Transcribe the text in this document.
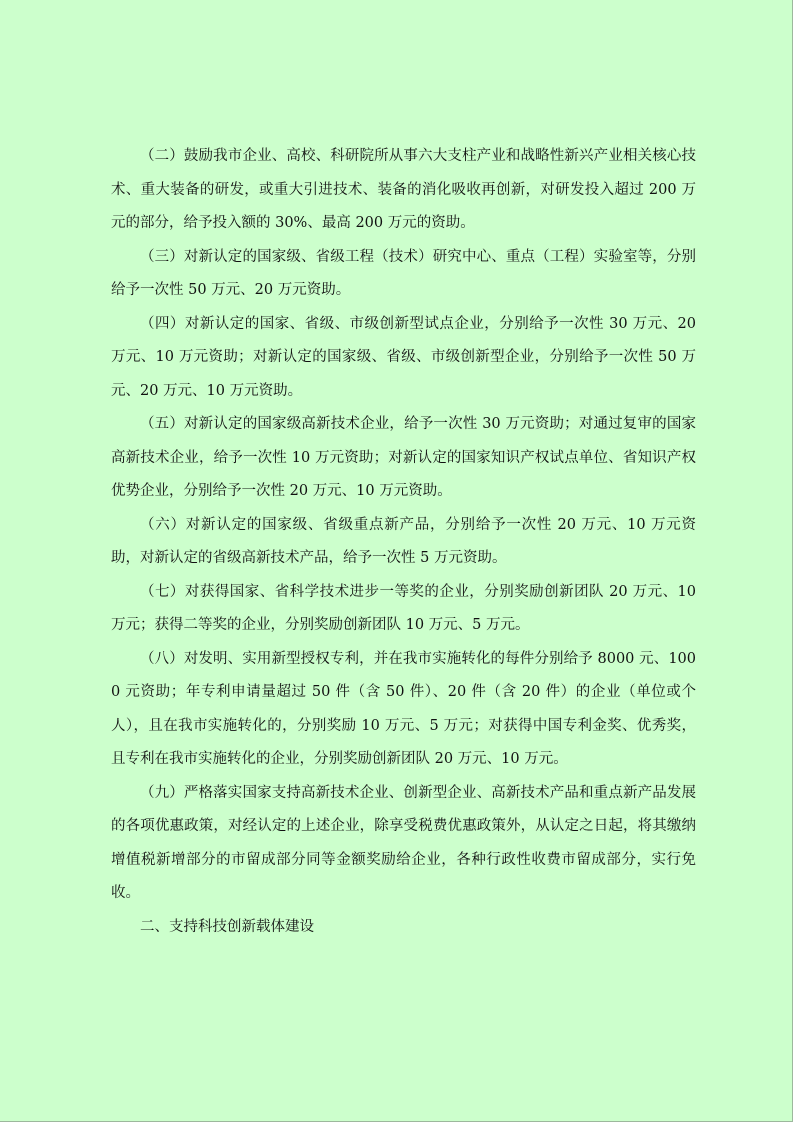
（二）鼓励我市企业、高校、科研院所从事六大支柱产业和战略性新兴产业相关核心技术、重大装备的研发，或重大引进技术、装备的消化吸收再创新，对研发投入超过 200 万元的部分，给予投入额的 30%、最高 200 万元的资助。

（三）对新认定的国家级、省级工程（技术）研究中心、重点（工程）实验室等，分别给予一次性 50 万元、20 万元资助。

（四）对新认定的国家、省级、市级创新型试点企业，分别给予一次性 30 万元、20 万元、10 万元资助；对新认定的国家级、省级、市级创新型企业，分别给予一次性 50 万元、20 万元、10 万元资助。

（五）对新认定的国家级高新技术企业，给予一次性 30 万元资助；对通过复审的国家高新技术企业，给予一次性 10 万元资助；对新认定的国家知识产权试点单位、省知识产权优势企业，分别给予一次性 20 万元、10 万元资助。

（六）对新认定的国家级、省级重点新产品，分别给予一次性 20 万元、10 万元资助，对新认定的省级高新技术产品，给予一次性 5 万元资助。

（七）对获得国家、省科学技术进步一等奖的企业，分别奖励创新团队 20 万元、10 万元；获得二等奖的企业，分别奖励创新团队 10 万元、5 万元。

（八）对发明、实用新型授权专利，并在我市实施转化的每件分别给予 8000 元、1000 元资助；年专利申请量超过 50 件（含 50 件）、20 件（含 20 件）的企业（单位或个人），且在我市实施转化的，分别奖励 10 万元、5 万元；对获得中国专利金奖、优秀奖，且专利在我市实施转化的企业，分别奖励创新团队 20 万元、10 万元。

（九）严格落实国家支持高新技术企业、创新型企业、高新技术产品和重点新产品发展的各项优惠政策，对经认定的上述企业，除享受税费优惠政策外，从认定之日起，将其缴纳增值税新增部分的市留成部分同等金额奖励给企业，各种行政性收费市留成部分，实行免收。

二、支持科技创新载体建设
